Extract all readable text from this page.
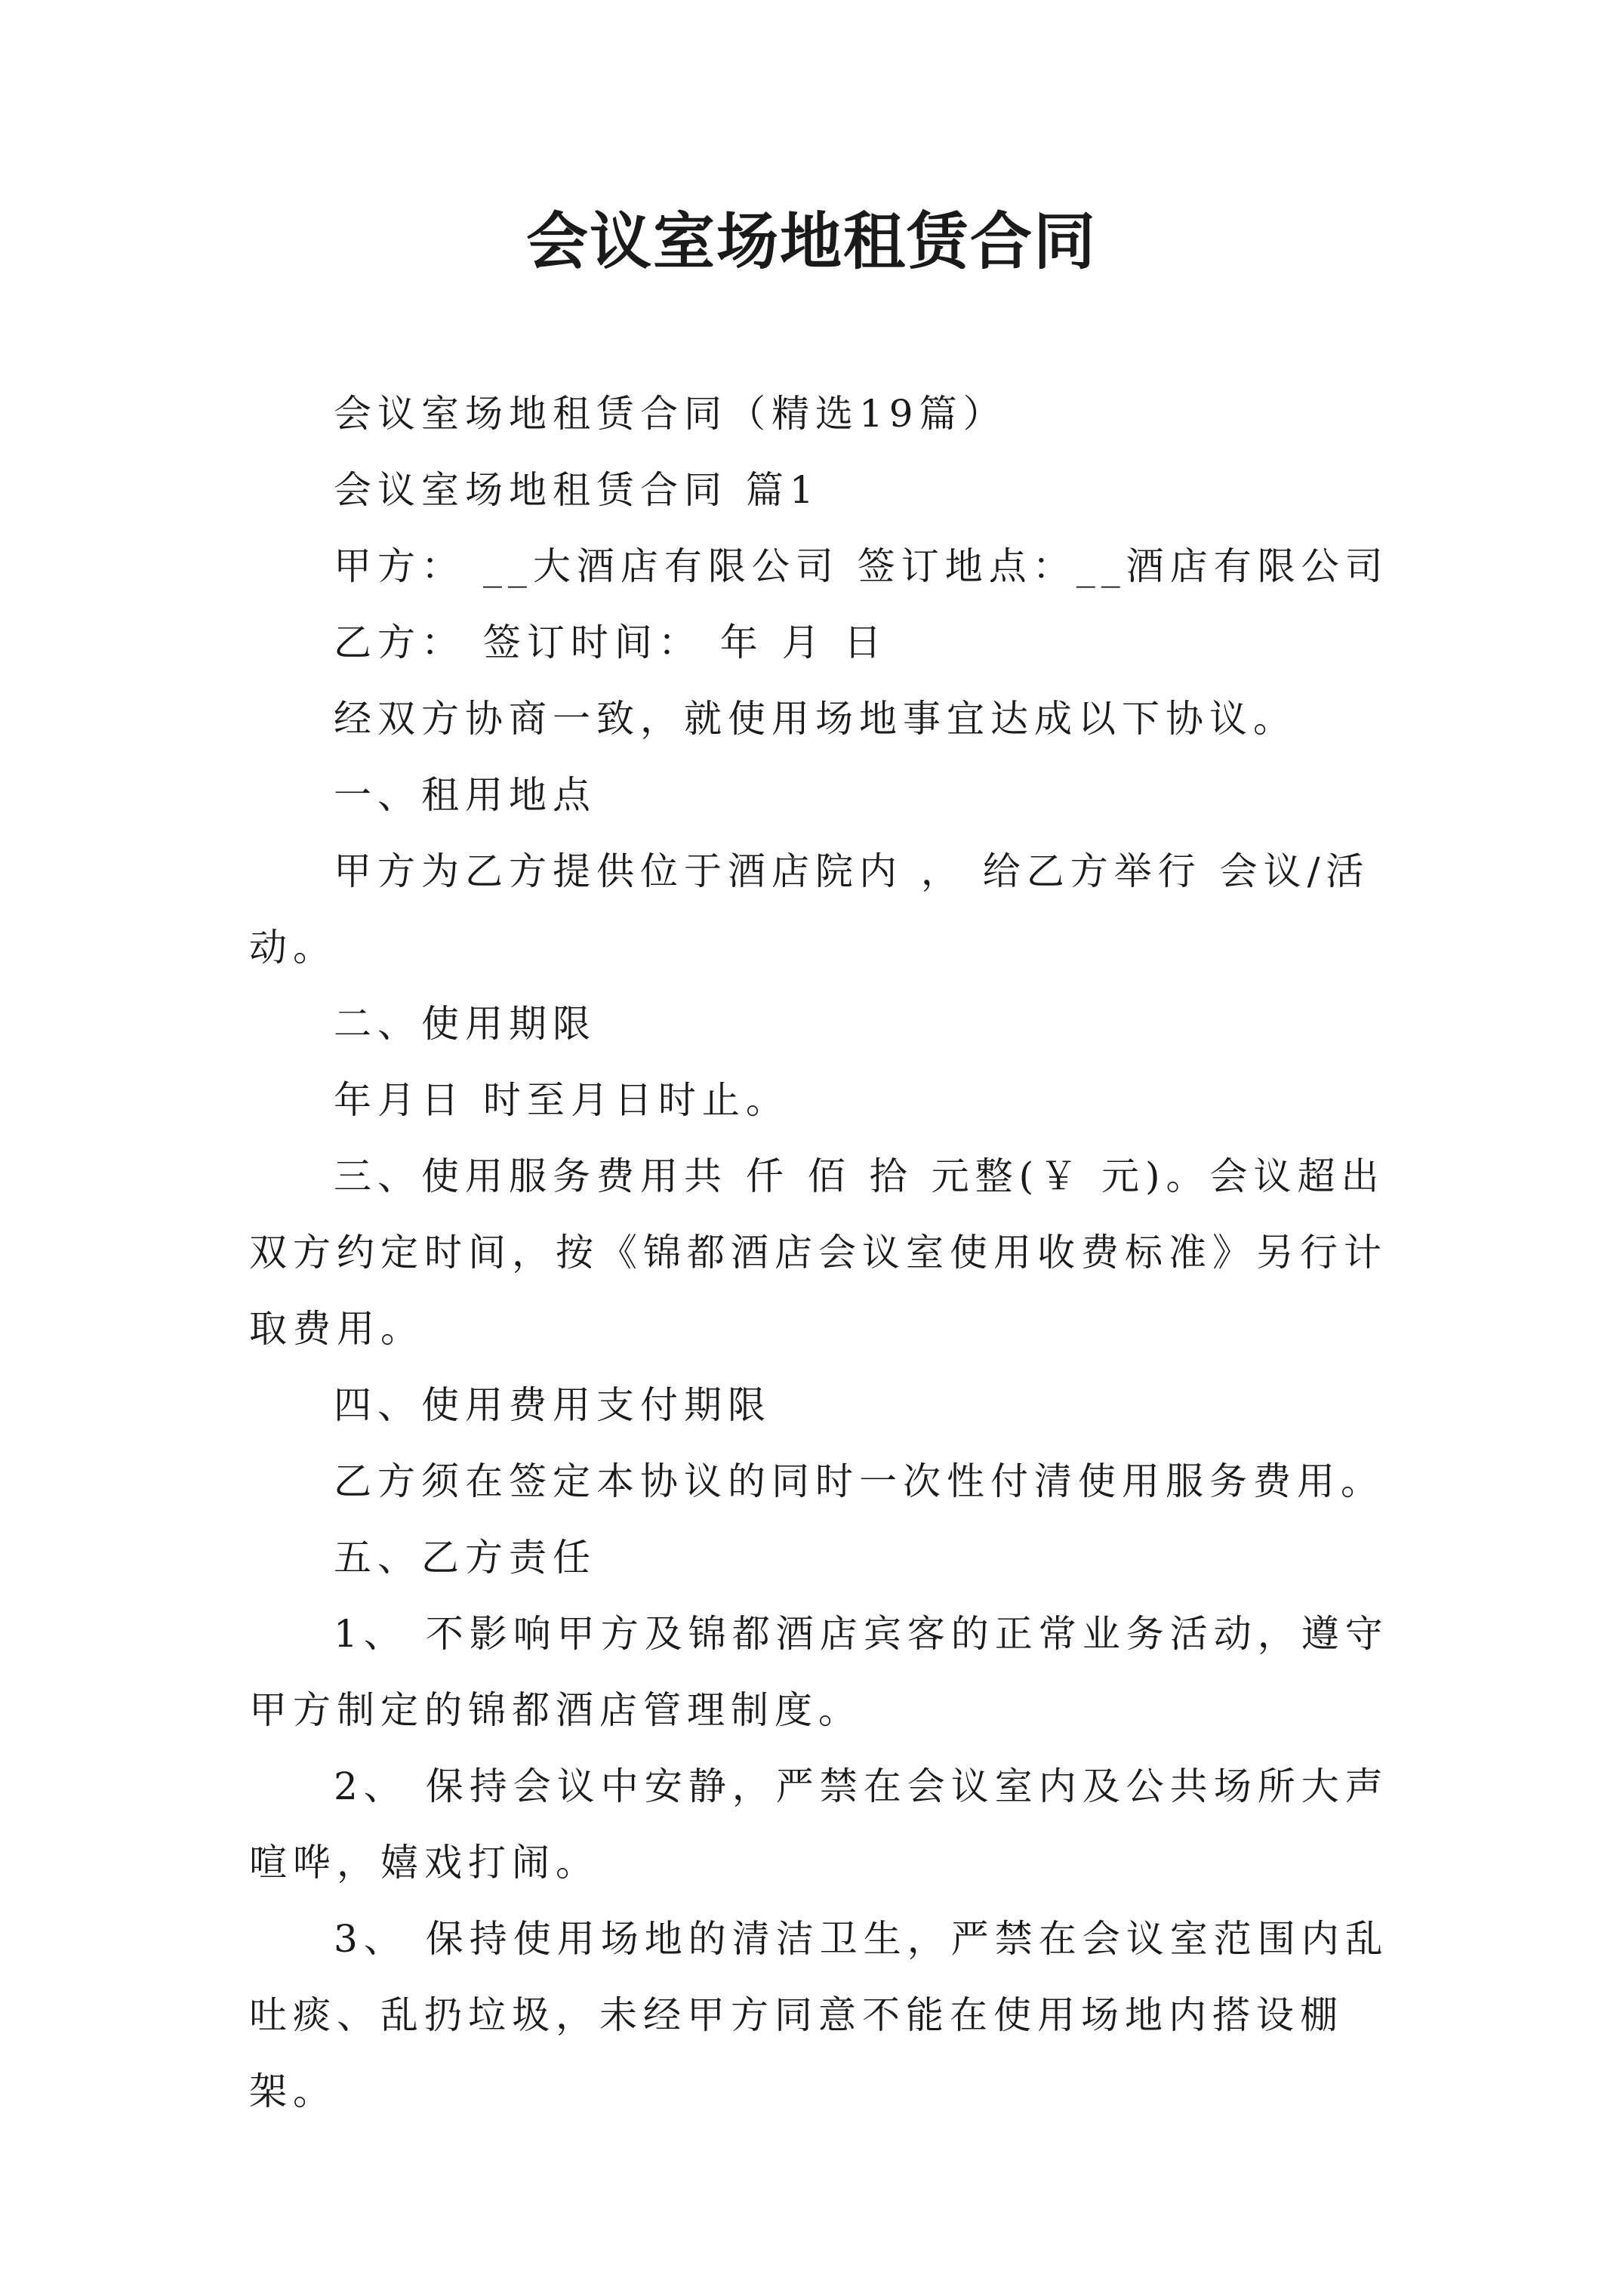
会议室场地租赁合同

会议室场地租赁合同（精选19篇）

会议室场地租赁合同 篇1

甲方： __大酒店有限公司 签订地点：__酒店有限公司

乙方： 签订时间： 年 月 日

经双方协商一致，就使用场地事宜达成以下协议。

一、租用地点

甲方为乙方提供位于酒店院内 ， 给乙方举行 会议/活动。

二、使用期限

年月日 时至月日时止。

三、使用服务费用共 仟 佰 拾 元整(￥ 元)。会议超出双方约定时间，按《锦都酒店会议室使用收费标准》另行计取费用。

四、使用费用支付期限

乙方须在签定本协议的同时一次性付清使用服务费用。

五、乙方责任

1、 不影响甲方及锦都酒店宾客的正常业务活动，遵守甲方制定的锦都酒店管理制度。

2、 保持会议中安静，严禁在会议室内及公共场所大声喧哗，嬉戏打闹。

3、 保持使用场地的清洁卫生，严禁在会议室范围内乱吐痰、乱扔垃圾，未经甲方同意不能在使用场地内搭设棚架。
